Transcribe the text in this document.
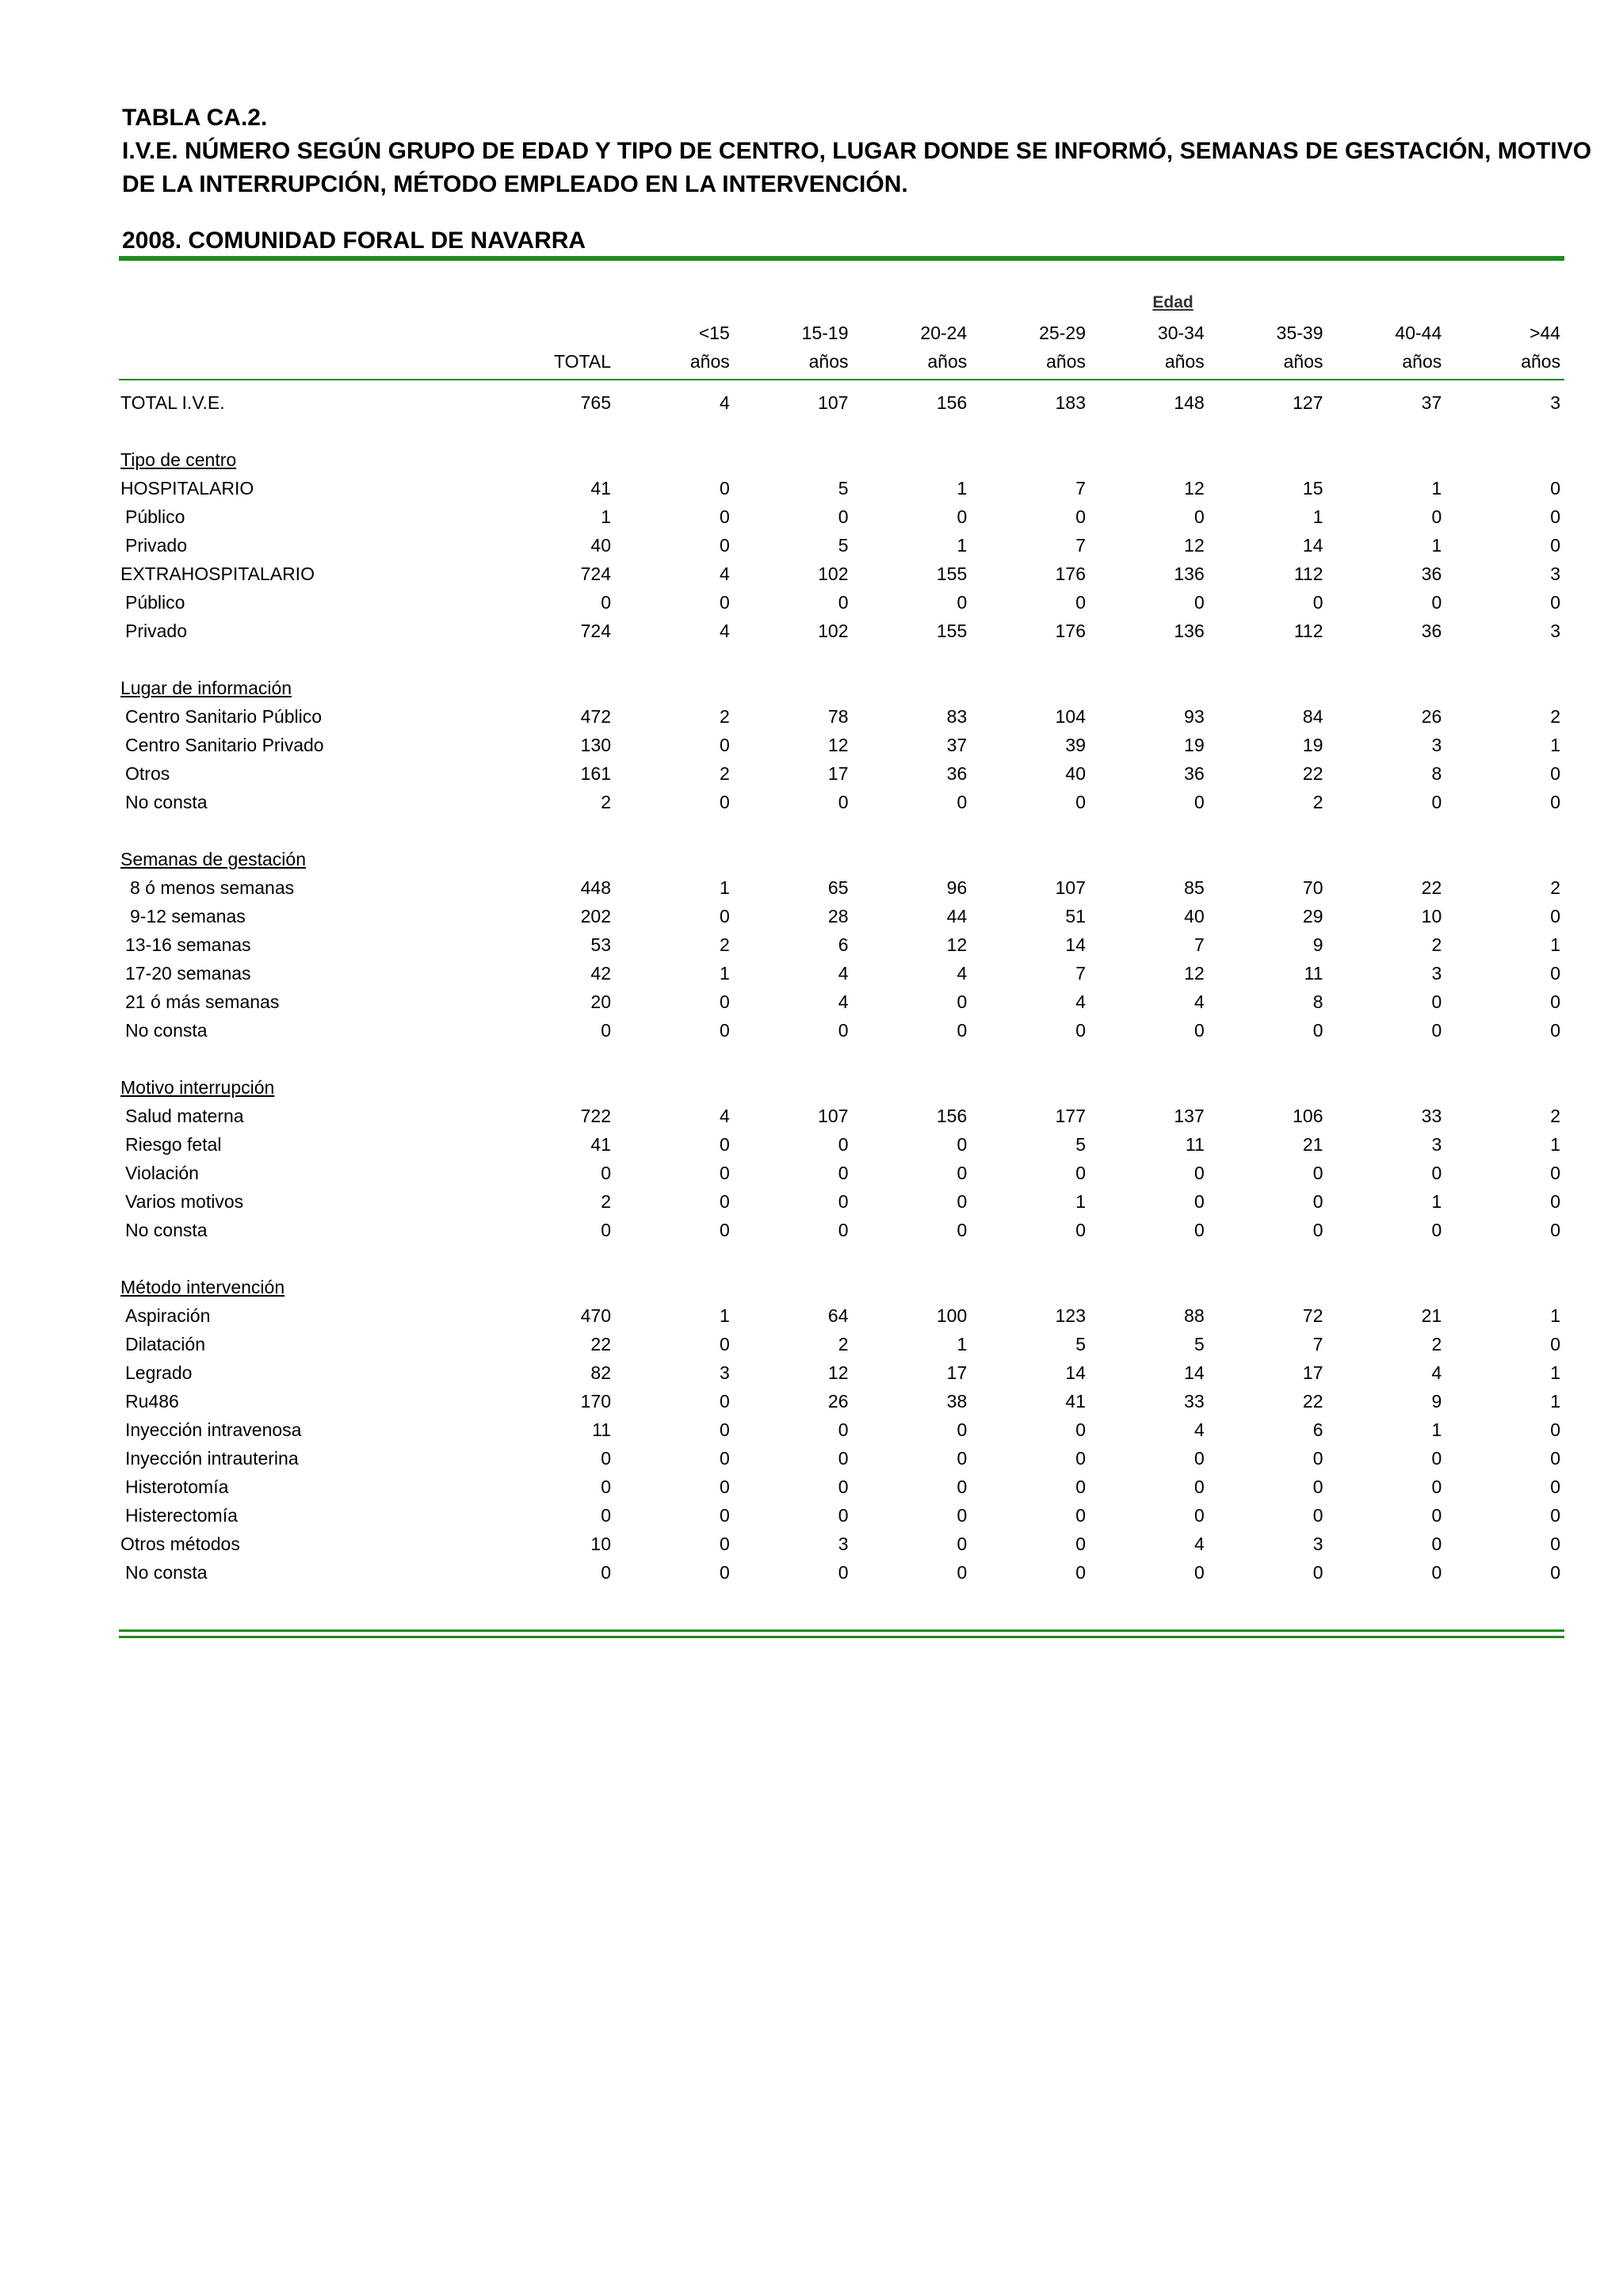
TABLA CA.2.
I.V.E. NÚMERO SEGÚN GRUPO DE EDAD Y TIPO DE CENTRO, LUGAR DONDE SE INFORMÓ, SEMANAS DE GESTACIÓN, MOTIVO DE LA INTERRUPCIÓN, MÉTODO EMPLEADO EN LA INTERVENCIÓN.
2008. COMUNIDAD FORAL DE NAVARRA
		Edad							
		<15	15-19	20-24	25-29	30-34	35-39	40-44	>44
	TOTAL	años	años	años	años	años	años	años	años

TOTAL I.V.E.	765	4	107	156	183	148	127	37	3

Tipo de centro									
HOSPITALARIO	41	0	5	1	7	12	15	1	0
Público	1	0	0	0	0	0	1	0	0
Privado	40	0	5	1	7	12	14	1	0
EXTRAHOSPITALARIO	724	4	102	155	176	136	112	36	3
Público	0	0	0	0	0	0	0	0	0
Privado	724	4	102	155	176	136	112	36	3

Lugar de información									
Centro Sanitario Público	472	2	78	83	104	93	84	26	2
Centro Sanitario Privado	130	0	12	37	39	19	19	3	1
Otros	161	2	17	36	40	36	22	8	0
No consta	2	0	0	0	0	0	2	0	0

Semanas de gestación									
8 ó menos semanas	448	1	65	96	107	85	70	22	2
9-12 semanas	202	0	28	44	51	40	29	10	0
13-16 semanas	53	2	6	12	14	7	9	2	1
17-20 semanas	42	1	4	4	7	12	11	3	0
21 ó más semanas	20	0	4	0	4	4	8	0	0
No consta	0	0	0	0	0	0	0	0	0

Motivo interrupción									
Salud materna	722	4	107	156	177	137	106	33	2
Riesgo fetal	41	0	0	0	5	11	21	3	1
Violación	0	0	0	0	0	0	0	0	0
Varios motivos	2	0	0	0	1	0	0	1	0
No consta	0	0	0	0	0	0	0	0	0

Método intervención									
Aspiración	470	1	64	100	123	88	72	21	1
Dilatación	22	0	2	1	5	5	7	2	0
Legrado	82	3	12	17	14	14	17	4	1
Ru486	170	0	26	38	41	33	22	9	1
Inyección intravenosa	11	0	0	0	0	4	6	1	0
Inyección intrauterina	0	0	0	0	0	0	0	0	0
Histerotomía	0	0	0	0	0	0	0	0	0
Histerectomía	0	0	0	0	0	0	0	0	0
Otros métodos	10	0	3	0	0	4	3	0	0
No consta	0	0	0	0	0	0	0	0	0
